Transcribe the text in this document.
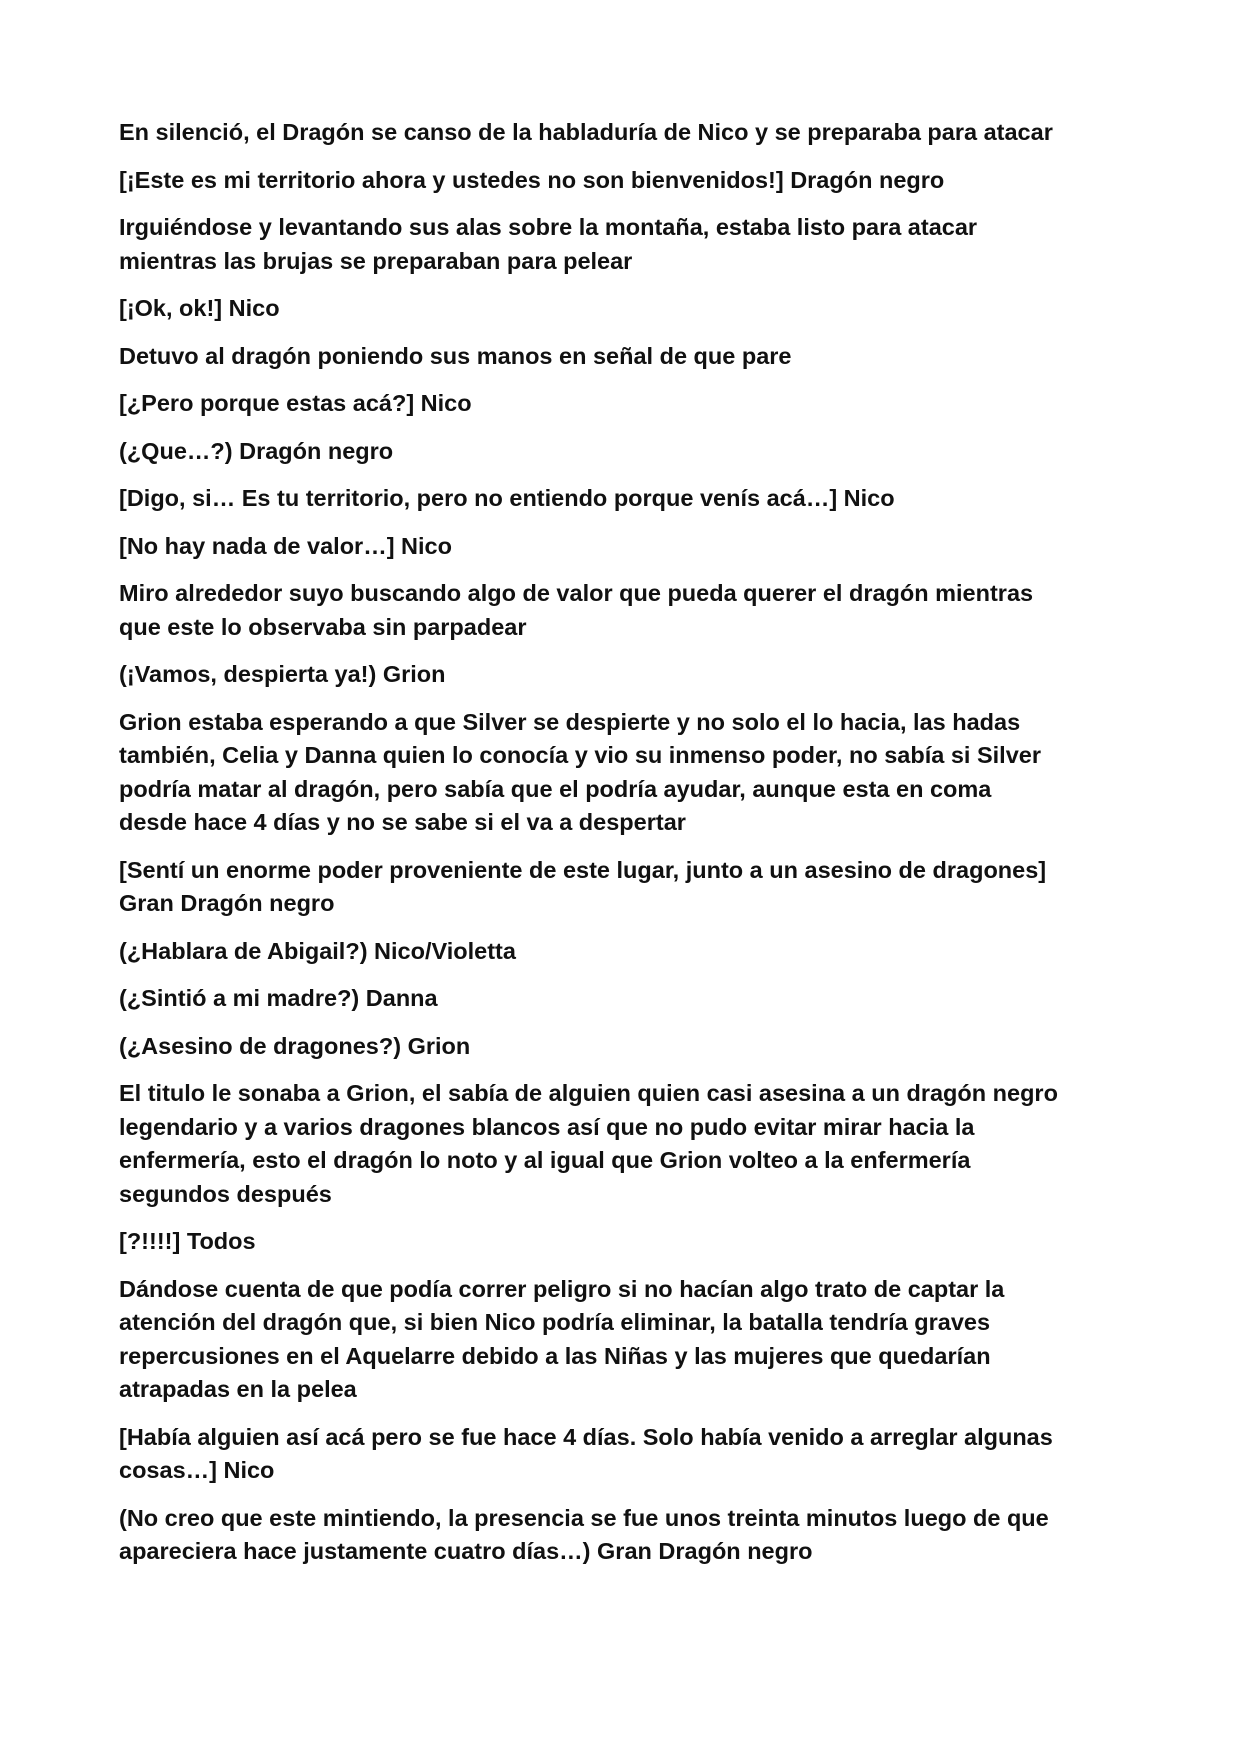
En silenció, el Dragón se canso de la habladuría de Nico y se preparaba para atacar

[¡Este es mi territorio ahora y ustedes no son bienvenidos!] Dragón negro

Irguiéndose y levantando sus alas sobre la montaña, estaba listo para atacar
mientras las brujas se preparaban para pelear

[¡Ok, ok!] Nico

Detuvo al dragón poniendo sus manos en señal de que pare

[¿Pero porque estas acá?] Nico

(¿Que…?) Dragón negro

[Digo, si… Es tu territorio, pero no entiendo porque venís acá…] Nico

[No hay nada de valor…] Nico

Miro alrededor suyo buscando algo de valor que pueda querer el dragón mientras
que este lo observaba sin parpadear

(¡Vamos, despierta ya!) Grion

Grion estaba esperando a que Silver se despierte y no solo el lo hacia, las hadas
también, Celia y Danna quien lo conocía y vio su inmenso poder, no sabía si Silver
podría matar al dragón, pero sabía que el podría ayudar, aunque esta en coma
desde hace 4 días y no se sabe si el va a despertar

[Sentí un enorme poder proveniente de este lugar, junto a un asesino de dragones]
Gran Dragón negro

(¿Hablara de Abigail?) Nico/Violetta

(¿Sintió a mi madre?) Danna

(¿Asesino de dragones?) Grion

El titulo le sonaba a Grion, el sabía de alguien quien casi asesina a un dragón negro
legendario y a varios dragones blancos así que no pudo evitar mirar hacia la
enfermería, esto el dragón lo noto y al igual que Grion volteo a la enfermería
segundos después

[?!!!!] Todos

Dándose cuenta de que podía correr peligro si no hacían algo trato de captar la
atención del dragón que, si bien Nico podría eliminar, la batalla tendría graves
repercusiones en el Aquelarre debido a las Niñas y las mujeres que quedarían
atrapadas en la pelea

[Había alguien así acá pero se fue hace 4 días. Solo había venido a arreglar algunas
cosas…] Nico

(No creo que este mintiendo, la presencia se fue unos treinta minutos luego de que
apareciera hace justamente cuatro días…) Gran Dragón negro
